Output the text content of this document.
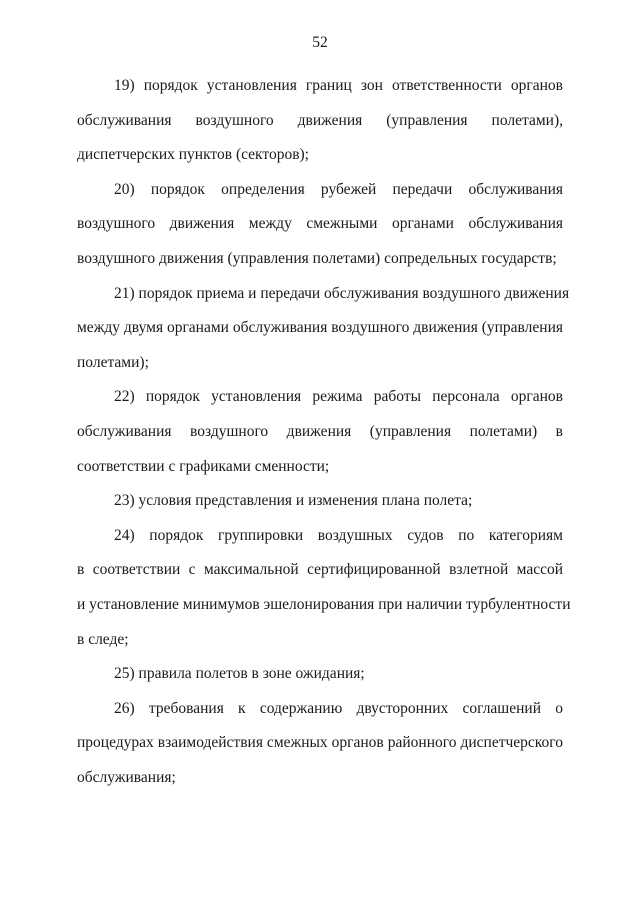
52
19) порядок установления границ зон ответственности органов
обслуживания воздушного движения (управления полетами),
диспетчерских пунктов (секторов);
20) порядок определения рубежей передачи обслуживания
воздушного движения между смежными органами обслуживания
воздушного движения (управления полетами) сопредельных государств;
21) порядок приема и передачи обслуживания воздушного движения
между двумя органами обслуживания воздушного движения (управления
полетами);
22) порядок установления режима работы персонала органов
обслуживания воздушного движения (управления полетами) в
соответствии с графиками сменности;
23) условия представления и изменения плана полета;
24) порядок группировки воздушных судов по категориям
в соответствии с максимальной сертифицированной взлетной массой
и установление минимумов эшелонирования при наличии турбулентности
в следе;
25) правила полетов в зоне ожидания;
26) требования к содержанию двусторонних соглашений о
процедурах взаимодействия смежных органов районного диспетчерского
обслуживания;
